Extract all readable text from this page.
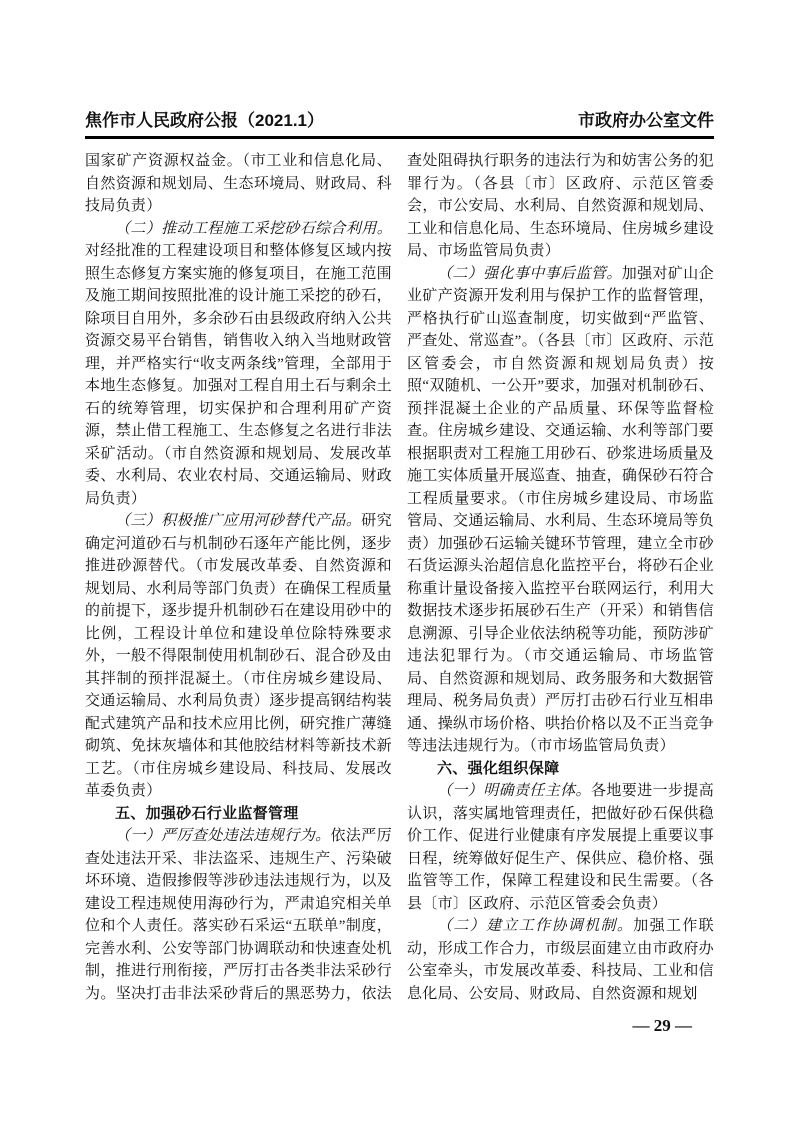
焦作市人民政府公报（2021.1）	市政府办公室文件

国家矿产资源权益金。（市工业和信息化局、自然资源和规划局、生态环境局、财政局、科技局负责）

（二）推动工程施工采挖砂石综合利用。对经批准的工程建设项目和整体修复区域内按照生态修复方案实施的修复项目，在施工范围及施工期间按照批准的设计施工采挖的砂石，除项目自用外，多余砂石由县级政府纳入公共资源交易平台销售，销售收入纳入当地财政管理，并严格实行“收支两条线”管理，全部用于本地生态修复。加强对工程自用土石与剩余土石的统筹管理，切实保护和合理利用矿产资源，禁止借工程施工、生态修复之名进行非法采矿活动。（市自然资源和规划局、发展改革委、水利局、农业农村局、交通运输局、财政局负责）

（三）积极推广应用河砂替代产品。研究确定河道砂石与机制砂石逐年产能比例，逐步推进砂源替代。（市发展改革委、自然资源和规划局、水利局等部门负责）在确保工程质量的前提下，逐步提升机制砂石在建设用砂中的比例，工程设计单位和建设单位除特殊要求外，一般不得限制使用机制砂石、混合砂及由其拌制的预拌混凝土。（市住房城乡建设局、交通运输局、水利局负责）逐步提高钢结构装配式建筑产品和技术应用比例，研究推广薄缝砌筑、免抹灰墙体和其他胶结材料等新技术新工艺。（市住房城乡建设局、科技局、发展改革委负责）

五、加强砂石行业监督管理

（一）严厉查处违法违规行为。依法严厉查处违法开采、非法盗采、违规生产、污染破坏环境、造假掺假等涉砂违法违规行为，以及建设工程违规使用海砂行为，严肃追究相关单位和个人责任。落实砂石采运“五联单”制度，完善水利、公安等部门协调联动和快速查处机制，推进行刑衔接，严厉打击各类非法采砂行为。坚决打击非法采砂背后的黑恶势力，依法查处阻碍执行职务的违法行为和妨害公务的犯罪行为。（各县〔市〕区政府、示范区管委会，市公安局、水利局、自然资源和规划局、工业和信息化局、生态环境局、住房城乡建设局、市场监管局负责）

（二）强化事中事后监管。加强对矿山企业矿产资源开发利用与保护工作的监督管理，严格执行矿山巡查制度，切实做到“严监管、严查处、常巡查”。（各县〔市〕区政府、示范区管委会，市自然资源和规划局负责）按照“双随机、一公开”要求，加强对机制砂石、预拌混凝土企业的产品质量、环保等监督检查。住房城乡建设、交通运输、水利等部门要根据职责对工程施工用砂石、砂浆进场质量及施工实体质量开展巡查、抽查，确保砂石符合工程质量要求。（市住房城乡建设局、市场监管局、交通运输局、水利局、生态环境局等负责）加强砂石运输关键环节管理，建立全市砂石货运源头治超信息化监控平台，将砂石企业称重计量设备接入监控平台联网运行，利用大数据技术逐步拓展砂石生产（开采）和销售信息溯源、引导企业依法纳税等功能，预防涉矿违法犯罪行为。（市交通运输局、市场监管局、自然资源和规划局、政务服务和大数据管理局、税务局负责）严厉打击砂石行业互相串通、操纵市场价格、哄抬价格以及不正当竞争等违法违规行为。（市市场监管局负责）

六、强化组织保障

（一）明确责任主体。各地要进一步提高认识，落实属地管理责任，把做好砂石保供稳价工作、促进行业健康有序发展提上重要议事日程，统筹做好促生产、保供应、稳价格、强监管等工作，保障工程建设和民生需要。（各县〔市〕区政府、示范区管委会负责）

（二）建立工作协调机制。加强工作联动，形成工作合力，市级层面建立由市政府办公室牵头，市发展改革委、科技局、工业和信息化局、公安局、财政局、自然资源和规划

— 29 —
